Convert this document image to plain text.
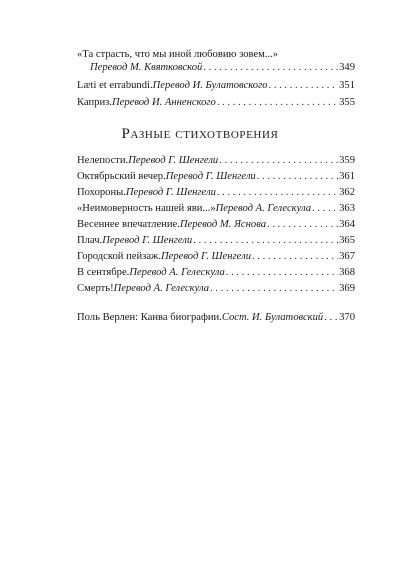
«Та страсть, что мы иной любовию зовем...»
Перевод М. Квятковской . . .	349
Læti et errabundi. Перевод И. Булатовского . . .	351
Каприз. Перевод И. Анненского . . .	355
Разные стихотворения
Нелепости. Перевод Г. Шенгели . . .	359
Октябрьский вечер. Перевод Г. Шенгели . . .	361
Похороны. Перевод Г. Шенгели . . .	362
«Неимоверность нашей яви...» Перевод А. Гелескула . . .	363
Весеннее впечатление. Перевод М. Яснова . . .	364
Плач. Перевод Г. Шенгели . . .	365
Городской пейзаж. Перевод Г. Шенгели . . .	367
В сентябре. Перевод А. Гелескула . . .	368
Смерть! Перевод А. Гелескула . . .	369
Поль Верлен: Канва биографии. Сост. И. Булатовский . . . 370
